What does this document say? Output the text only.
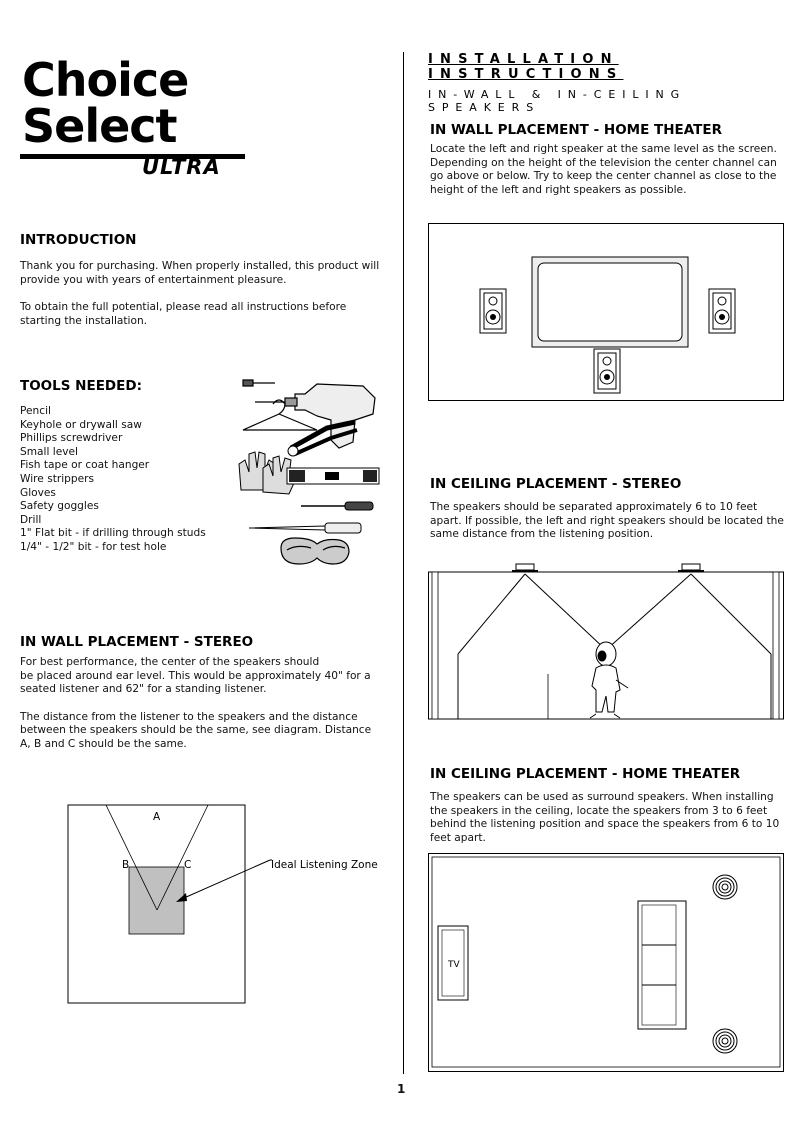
Choice
Select
ULTRA
INTRODUCTION

Thank you for purchasing. When properly installed, this product will provide you with years of entertainment pleasure.

To obtain the full potential, please read all instructions before starting the installation.

TOOLS NEEDED:
Pencil
Keyhole or drywall saw
Phillips screwdriver
Small level
Fish tape or coat hanger
Wire strippers
Gloves
Safety goggles
Drill
1" Flat bit - if drilling through studs
1/4" - 1/2" bit - for test hole
IN WALL PLACEMENT - STEREO

For best performance, the center of the speakers should

be placed around ear level. This would be approximately 40" for a seated listener and 62" for a standing listener.

The distance from the listener to the speakers and the distance between the speakers should be the same, see diagram. Distance A, B and C should be the same.

A
B	C	Ideal Listening Zone
INSTALLATION INSTRUCTIONS
IN-WALL & IN-CEILING SPEAKERS
IN WALL PLACEMENT - HOME THEATER

Locate the left and right speaker at the same level as the screen. Depending on the height of the television the center channel can go above or below. Try to keep the center channel as close to the height of the left and right speakers as possible.

IN CEILING PLACEMENT - STEREO

The speakers should be separated approximately 6 to 10 feet apart. If possible, the left and right speakers should be located the same distance from the listening position.

IN CEILING PLACEMENT - HOME THEATER

The speakers can be used as surround speakers. When installing the speakers in the ceiling, locate the speakers from 3 to 6 feet behind the listening position and space the speakers from 6 to 10 feet apart.

TV
1
